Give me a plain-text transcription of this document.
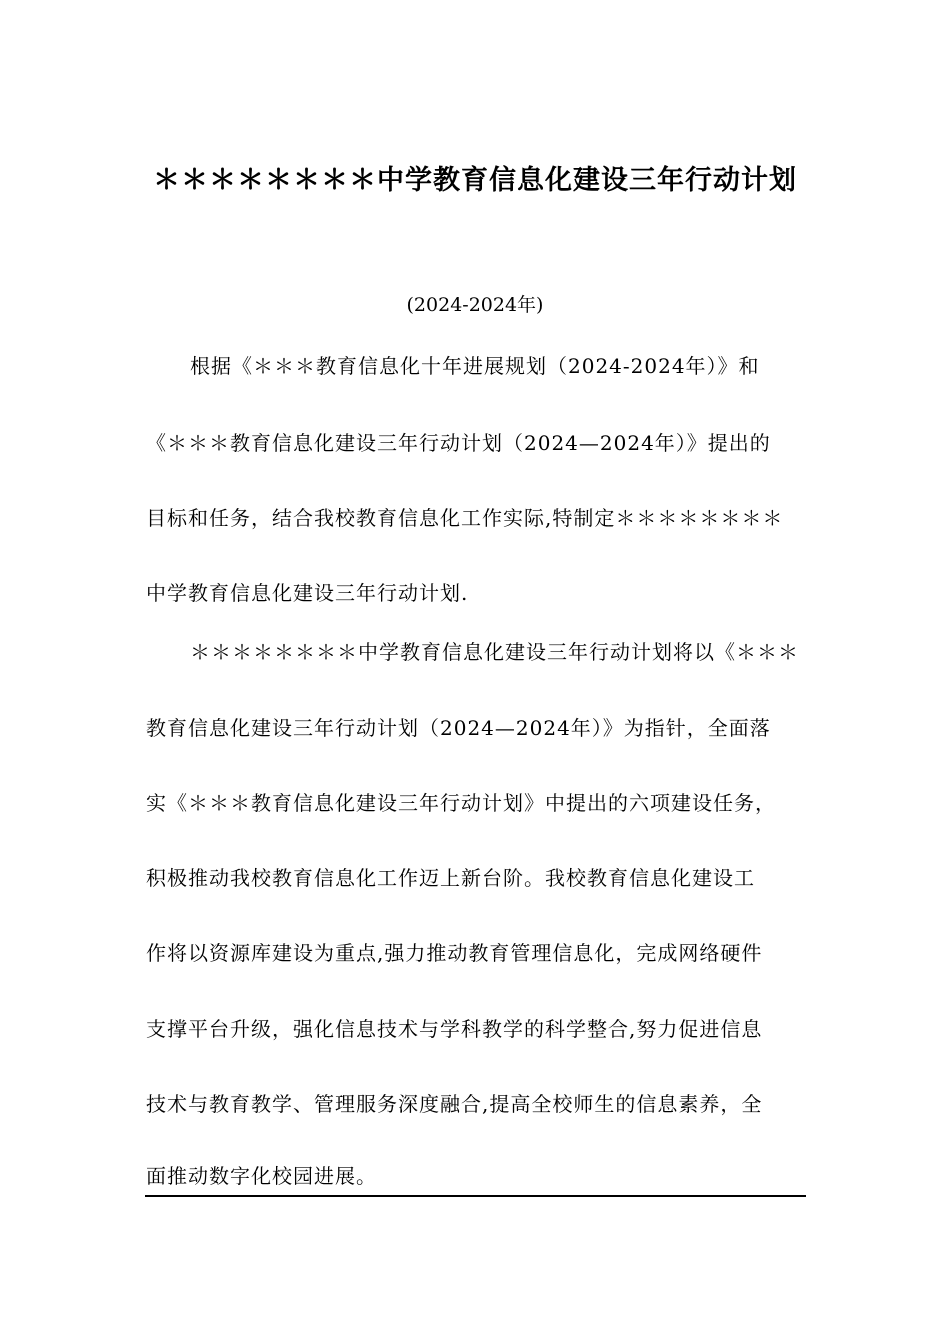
＊＊＊＊＊＊＊＊中学教育信息化建设三年行动计划
(2024-2024年)
根据《＊＊＊教育信息化十年进展规划（2024-2024年）》和
《＊＊＊教育信息化建设三年行动计划（2024—2024年）》提出的
目标和任务，结合我校教育信息化工作实际,特制定＊＊＊＊＊＊＊＊
中学教育信息化建设三年行动计划.
＊＊＊＊＊＊＊＊中学教育信息化建设三年行动计划将以《＊＊＊
教育信息化建设三年行动计划（2024—2024年）》为指针，全面落
实《＊＊＊教育信息化建设三年行动计划》中提出的六项建设任务，
积极推动我校教育信息化工作迈上新台阶。我校教育信息化建设工
作将以资源库建设为重点,强力推动教育管理信息化，完成网络硬件
支撑平台升级，强化信息技术与学科教学的科学整合,努力促进信息
技术与教育教学、管理服务深度融合,提高全校师生的信息素养，全
面推动数字化校园进展。
